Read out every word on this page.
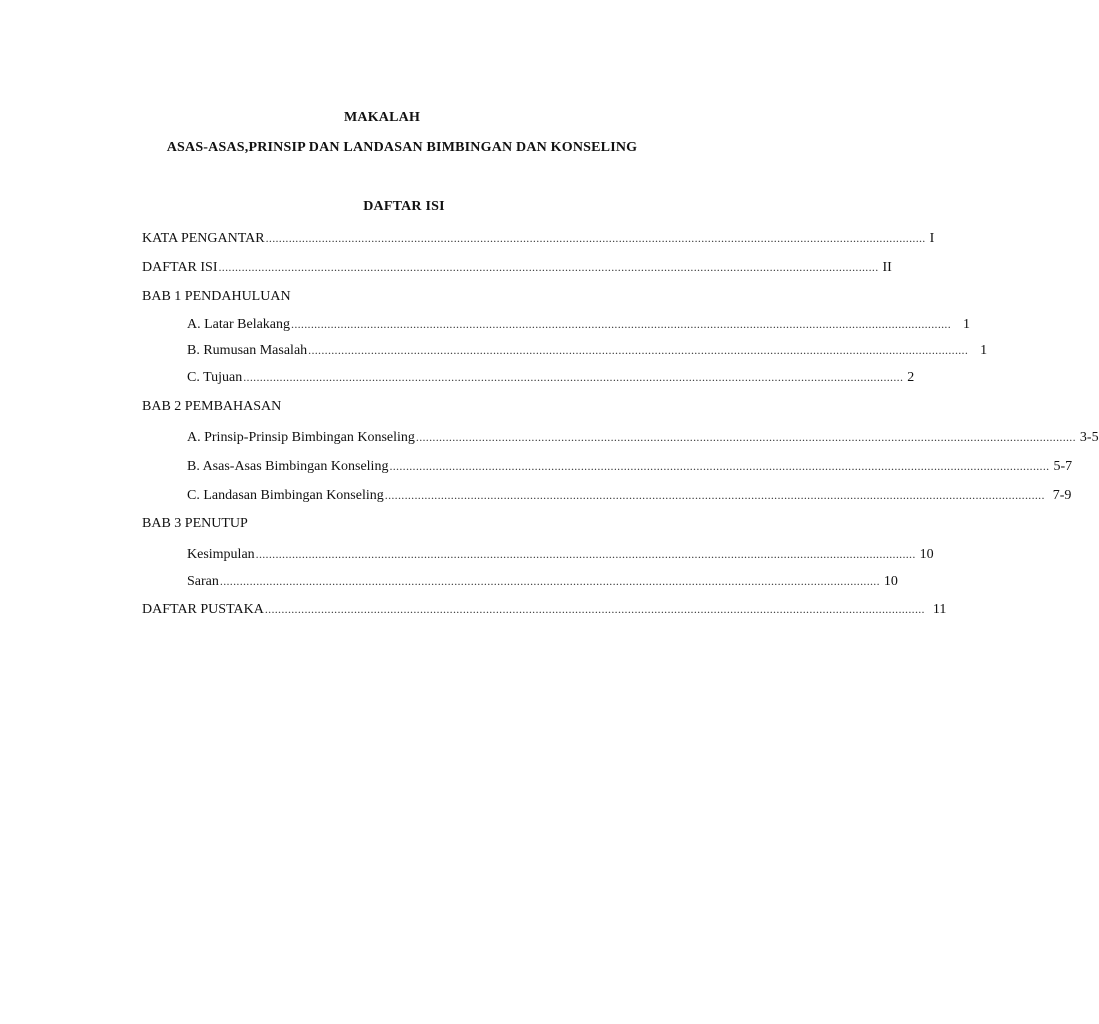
MAKALAH
ASAS-ASAS,PRINSIP DAN LANDASAN BIMBINGAN DAN KONSELING
DAFTAR ISI
KATA PENGANTAR ........................................................................................................................................................................................................ I
DAFTAR ISI ........................................................................................................................................................................................................ II
BAB 1 PENDAHULUAN
A. Latar Belakang ........................................................................................................................................................................................................ 1
B. Rumusan Masalah ........................................................................................................................................................................................................ 1
C. Tujuan ........................................................................................................................................................................................................ 2
BAB 2 PEMBAHASAN
A. Prinsip-Prinsip Bimbingan Konseling ........................................................................................................................................................................................................ 3-5
B. Asas-Asas Bimbingan Konseling ........................................................................................................................................................................................................ 5-7
C. Landasan Bimbingan Konseling ........................................................................................................................................................................................................ 7-9
BAB 3 PENUTUP
Kesimpulan ........................................................................................................................................................................................................ 10
Saran ........................................................................................................................................................................................................ 10
DAFTAR PUSTAKA ........................................................................................................................................................................................................ 11
